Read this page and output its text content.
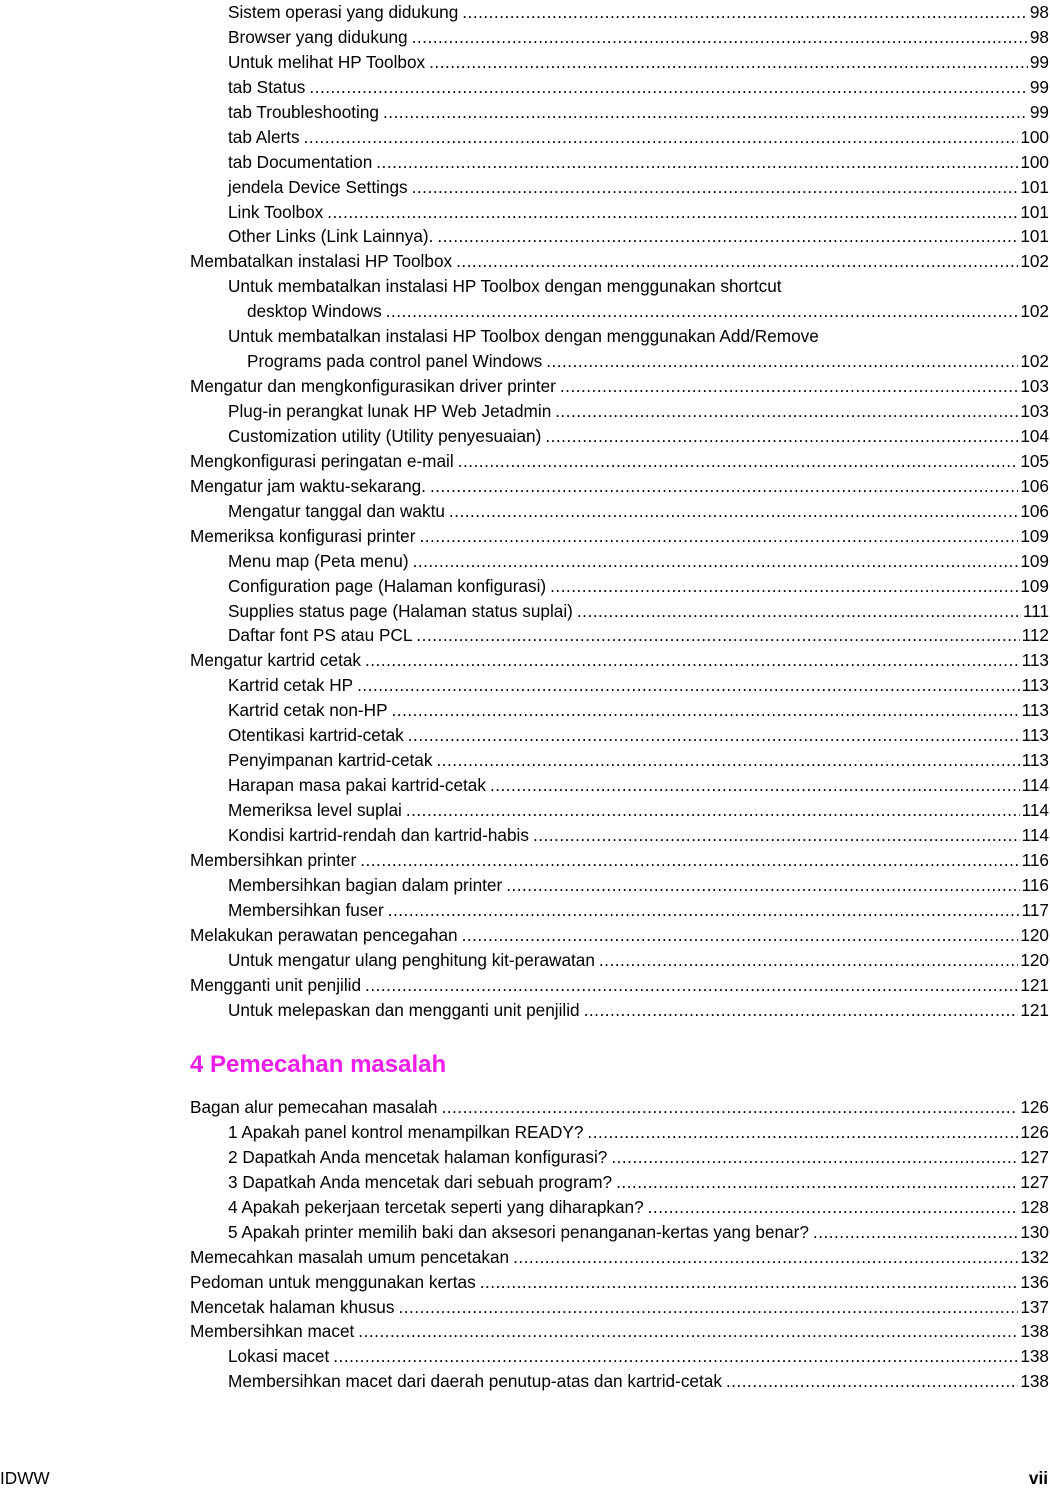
Sistem operasi yang didukung .....	98
Browser yang didukung .....	98
Untuk melihat HP Toolbox .....	99
tab Status .....	99
tab Troubleshooting .....	99
tab Alerts .....	100
tab Documentation .....	100
jendela Device Settings .....	101
Link Toolbox .....	101
Other Links (Link Lainnya). .....	101
Membatalkan instalasi HP Toolbox .....	102
Untuk membatalkan instalasi HP Toolbox dengan menggunakan shortcut
desktop Windows .....	102
Untuk membatalkan instalasi HP Toolbox dengan menggunakan Add/Remove
Programs pada control panel Windows .....	102
Mengatur dan mengkonfigurasikan driver printer .....	103
Plug-in perangkat lunak HP Web Jetadmin .....	103
Customization utility (Utility penyesuaian) .....	104
Mengkonfigurasi peringatan e-mail .....	105
Mengatur jam waktu-sekarang. .....	106
Mengatur tanggal dan waktu .....	106
Memeriksa konfigurasi printer .....	109
Menu map (Peta menu) .....	109
Configuration page (Halaman konfigurasi) .....	109
Supplies status page (Halaman status suplai) .....	111
Daftar font PS atau PCL .....	112
Mengatur kartrid cetak .....	113
Kartrid cetak HP .....	113
Kartrid cetak non-HP .....	113
Otentikasi kartrid-cetak .....	113
Penyimpanan kartrid-cetak .....	113
Harapan masa pakai kartrid-cetak .....	114
Memeriksa level suplai .....	114
Kondisi kartrid-rendah dan kartrid-habis .....	114
Membersihkan printer .....	116
Membersihkan bagian dalam printer .....	116
Membersihkan fuser .....	117
Melakukan perawatan pencegahan .....	120
Untuk mengatur ulang penghitung kit-perawatan .....	120
Mengganti unit penjilid .....	121
Untuk melepaskan dan mengganti unit penjilid .....	121
4 Pemecahan masalah
Bagan alur pemecahan masalah .....	126
1 Apakah panel kontrol menampilkan READY? .....	126
2 Dapatkah Anda mencetak halaman konfigurasi? .....	127
3 Dapatkah Anda mencetak dari sebuah program? .....	127
4 Apakah pekerjaan tercetak seperti yang diharapkan? .....	128
5 Apakah printer memilih baki dan aksesori penanganan-kertas yang benar? .....	130
Memecahkan masalah umum pencetakan .....	132
Pedoman untuk menggunakan kertas .....	136
Mencetak halaman khusus .....	137
Membersihkan macet .....	138
Lokasi macet .....	138
Membersihkan macet dari daerah penutup-atas dan kartrid-cetak .....	138
IDWW	vii
